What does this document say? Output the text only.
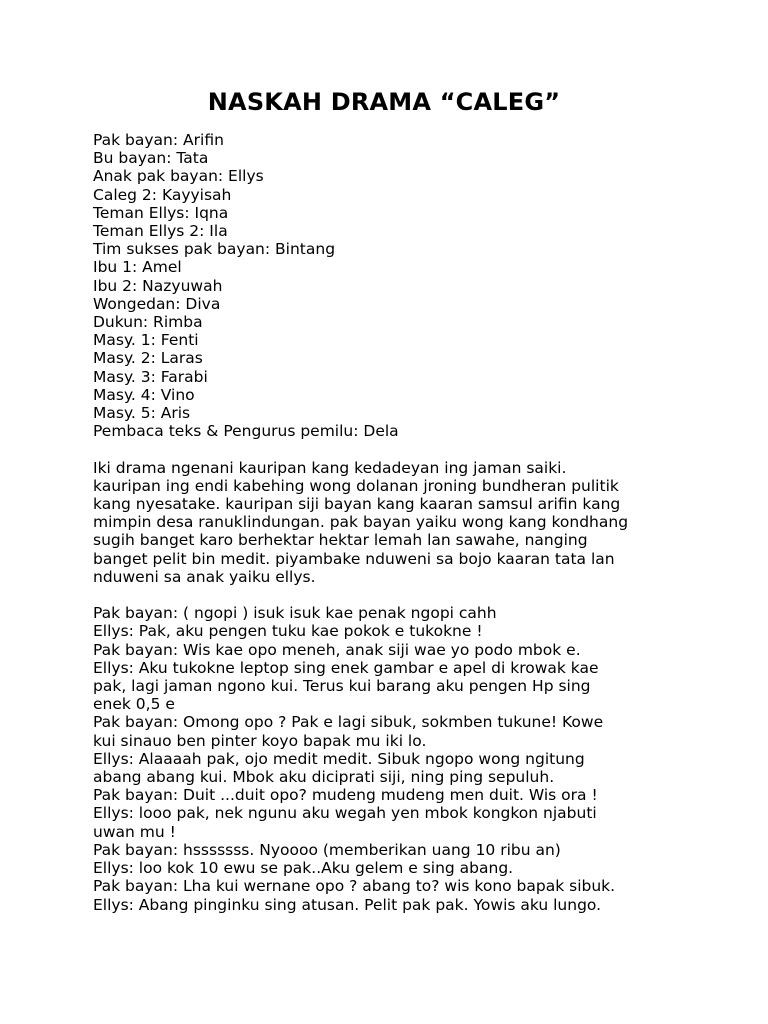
NASKAH DRAMA “CALEG”
Pak bayan: Arifin
Bu bayan: Tata
Anak pak bayan: Ellys
Caleg 2: Kayyisah
Teman Ellys: Iqna
Teman Ellys 2: Ila
Tim sukses pak bayan: Bintang
Ibu 1: Amel
Ibu 2: Nazyuwah
Wongedan: Diva
Dukun: Rimba
Masy. 1: Fenti
Masy. 2: Laras
Masy. 3: Farabi
Masy. 4: Vino
Masy. 5: Aris
Pembaca teks & Pengurus pemilu: Dela
Iki drama ngenani kauripan kang kedadeyan ing jaman saiki.
kauripan ing endi kabehing wong dolanan jroning bundheran pulitik
kang nyesatake. kauripan siji bayan kang kaaran samsul arifin kang
mimpin desa ranuklindungan. pak bayan yaiku wong kang kondhang
sugih banget karo berhektar hektar lemah lan sawahe, nanging
banget pelit bin medit. piyambake nduweni sa bojo kaaran tata lan
nduweni sa anak yaiku ellys.
Pak bayan: ( ngopi ) isuk isuk kae penak ngopi cahh
Ellys: Pak, aku pengen tuku kae pokok e tukokne !
Pak bayan: Wis kae opo meneh, anak siji wae yo podo mbok e.
Ellys: Aku tukokne leptop sing enek gambar e apel di krowak kae
pak, lagi jaman ngono kui. Terus kui barang aku pengen Hp sing
enek 0,5 e
Pak bayan: Omong opo ? Pak e lagi sibuk, sokmben tukune! Kowe
kui sinauo ben pinter koyo bapak mu iki lo.
Ellys: Alaaaah pak, ojo medit medit. Sibuk ngopo wong ngitung
abang abang kui. Mbok aku diciprati siji, ning ping sepuluh.
Pak bayan: Duit ...duit opo? mudeng mudeng men duit. Wis ora !
Ellys: looo pak, nek ngunu aku wegah yen mbok kongkon njabuti
uwan mu !
Pak bayan: hsssssss. Nyoooo (memberikan uang 10 ribu an)
Ellys: loo kok 10 ewu se pak..Aku gelem e sing abang.
Pak bayan: Lha kui wernane opo ? abang to? wis kono bapak sibuk.
Ellys: Abang pinginku sing atusan. Pelit pak pak. Yowis aku lungo.
